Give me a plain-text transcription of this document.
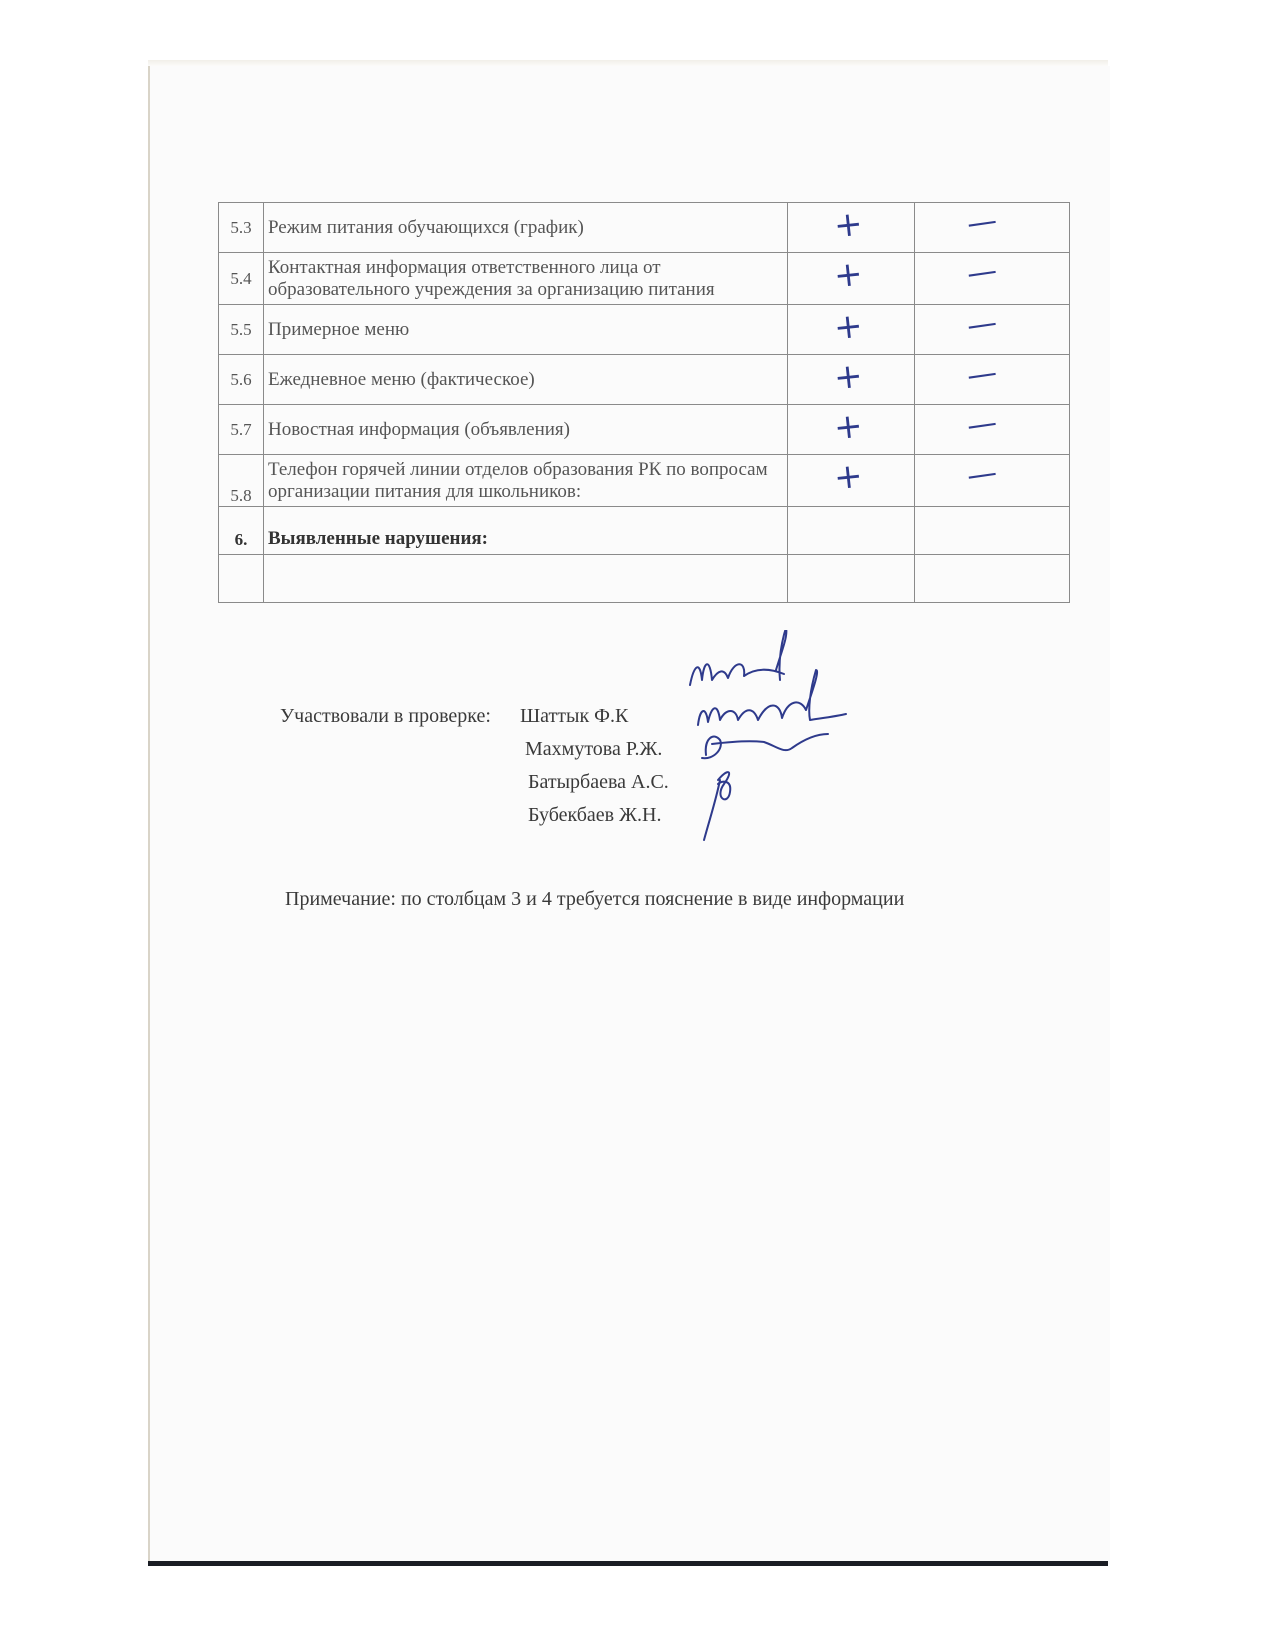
5.3	Режим питания обучающихся (график)	+	—

5.4	Контактная информация ответственного лица от образовательного учреждения за организацию питания	+	—

5.5	Примерное меню	+	—

5.6	Ежедневное меню (фактическое)	+	—

5.7	Новостная информация (объявления)	+	—

5.8	Телефон горячей линии отделов образования РК по вопросам организации питания для школьников:	+	—

6.	Выявленные нарушения:		

Участвовали в проверке: Шаттык Ф.К
Махмутова Р.Ж.
Батырбаева А.С.
Бубекбаев Ж.Н.
Примечание: по столбцам 3 и 4 требуется пояснение в виде информации
